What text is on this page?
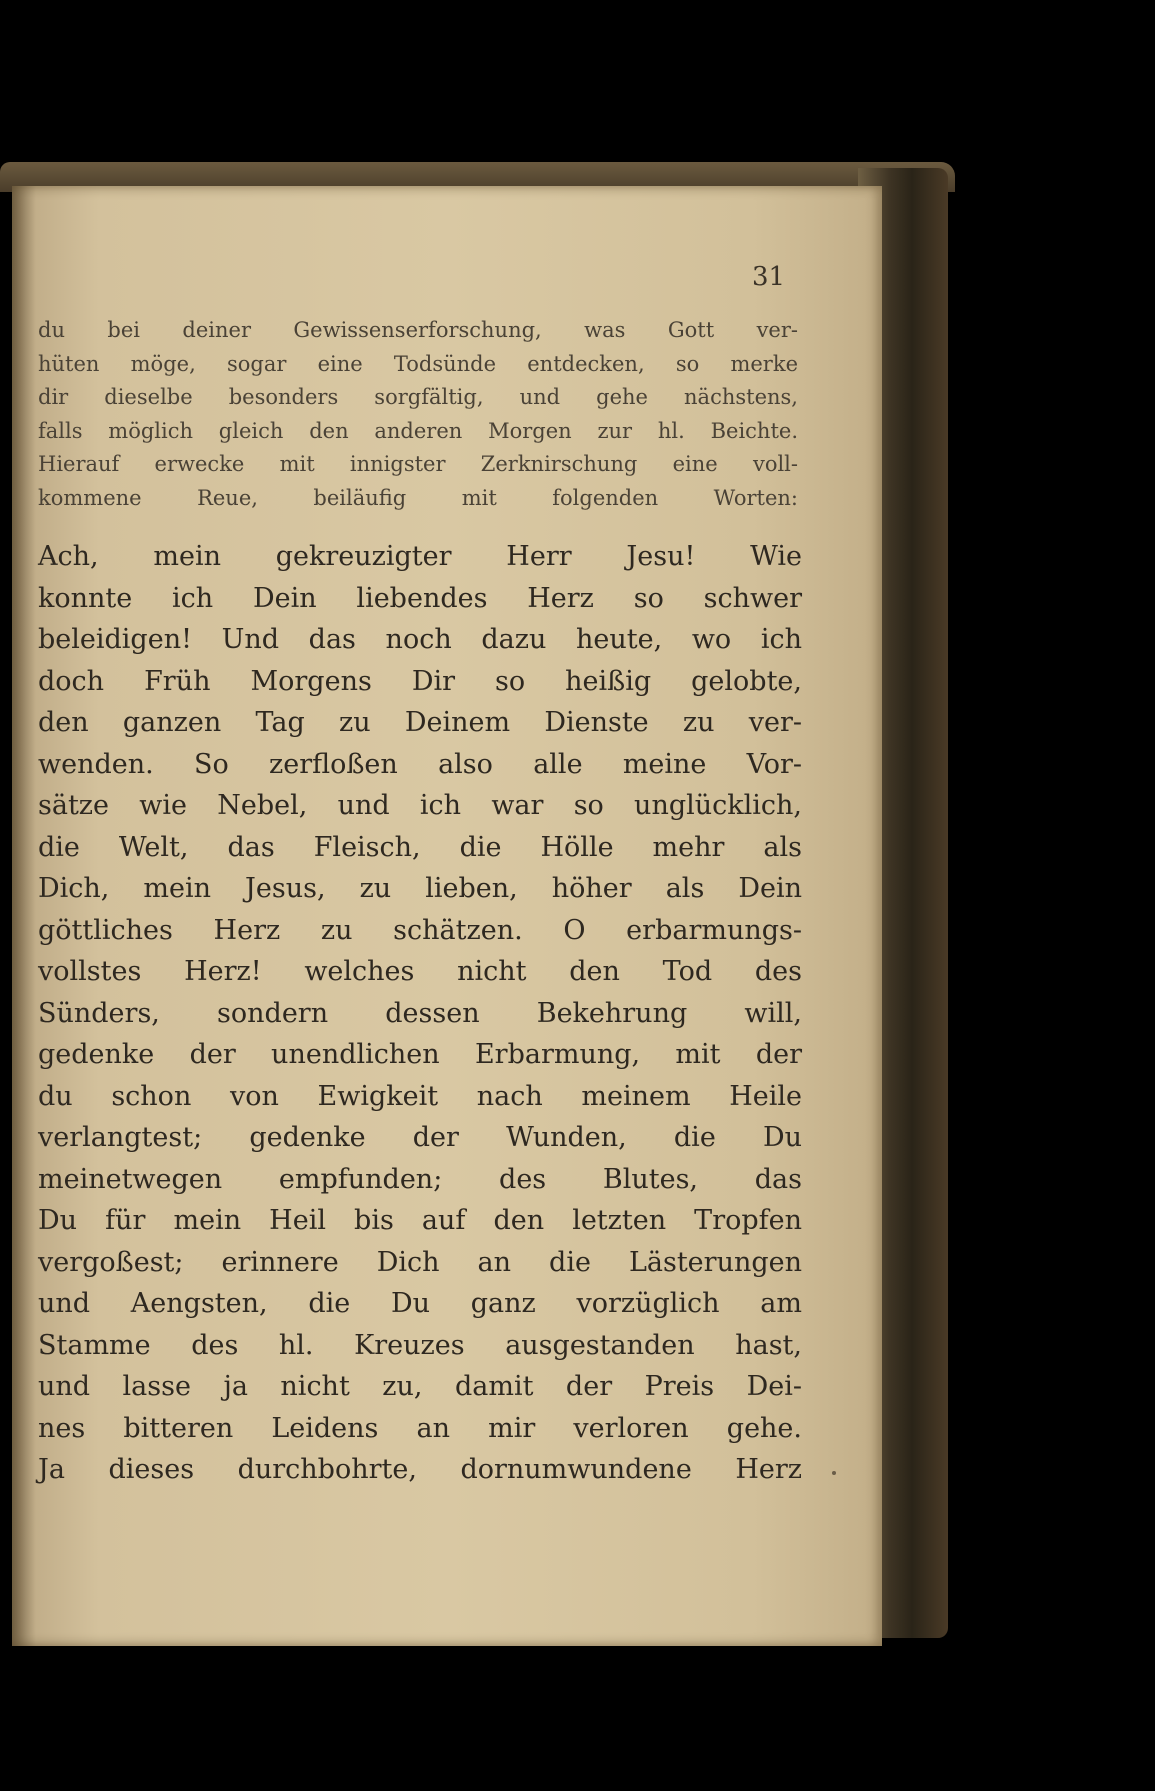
31
du bei deiner Gewissenserforschung, was Gott ver-
hüten möge, sogar eine Todsünde entdecken, so merke
dir dieselbe besonders sorgfältig, und gehe nächstens,
falls möglich gleich den anderen Morgen zur hl. Beichte.
Hierauf erwecke mit innigster Zerknirschung eine voll-
kommene Reue, beiläufig mit folgenden Worten:
Ach, mein gekreuzigter Herr Jesu! Wie
konnte ich Dein liebendes Herz so schwer
beleidigen! Und das noch dazu heute, wo ich
doch Früh Morgens Dir so heißig gelobte,
den ganzen Tag zu Deinem Dienste zu ver-
wenden. So zerfloßen also alle meine Vor-
sätze wie Nebel, und ich war so unglücklich,
die Welt, das Fleisch, die Hölle mehr als
Dich, mein Jesus, zu lieben, höher als Dein
göttliches Herz zu schätzen. O erbarmungs-
vollstes Herz! welches nicht den Tod des
Sünders, sondern dessen Bekehrung will,
gedenke der unendlichen Erbarmung, mit der
du schon von Ewigkeit nach meinem Heile
verlangtest; gedenke der Wunden, die Du
meinetwegen empfunden; des Blutes, das
Du für mein Heil bis auf den letzten Tropfen
vergoßest; erinnere Dich an die Lästerungen
und Aengsten, die Du ganz vorzüglich am
Stamme des hl. Kreuzes ausgestanden hast,
und lasse ja nicht zu, damit der Preis Dei-
nes bitteren Leidens an mir verloren gehe.
Ja dieses durchbohrte, dornumwundene Herz
